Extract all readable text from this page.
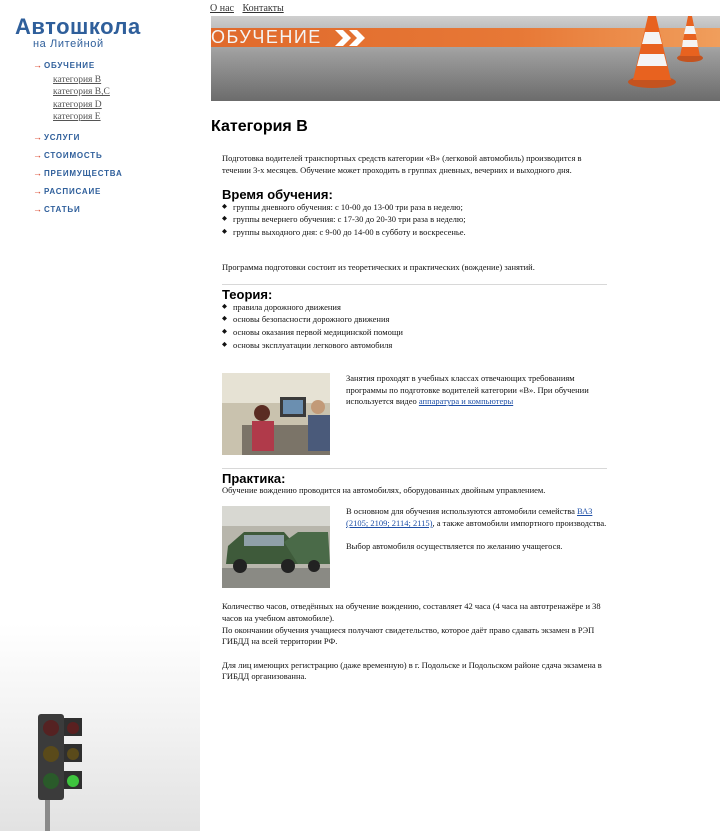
Автошкола
на Литейной
→ ОБУЧЕНИЕ
категория B
категория B,C
категория D
категория E
→ УСЛУГИ
→ СТОИМОСТЬ
→ ПРЕИМУЩЕСТВА
→ РАСПИСАИЕ
→ СТАТЬИ
О нас Контакты
ОБУЧЕНИЕ
Категория B

Подготовка водителей транспортных средств категории «B» (легковой автомобиль) производится в течении 3-х месяцев. Обучение может проходить в группах дневных, вечерних и выходного дня.

Время обучения:
◆ группы дневного обучения: с 10-00 до 13-00 три раза в неделю;
◆ группы вечернего обучения: с 17-30 до 20-30 три раза в неделю;
◆ группы выходного дня: с 9-00 до 14-00 в субботу и воскресенье.

Программа подготовки состоит из теоретических и практических (вождение) занятий.

Теория:
◆ правила дорожного движения
◆ основы безопасности дорожного движения
◆ основы оказания первой медицинской помощи
◆ основы эксплуатации легкового автомобиля

Занятия проходят в учебных классах отвечающих требованиям программы по подготовке водителей категории «B». При обучении используется видео аппаратура и компьютеры

Практика:

Обучение вождению проводится на автомобилях, оборудованных двойным управлением.

В основном для обучения используются автомобили семейства ВАЗ (2105; 2109; 2114; 2115), а также автомобили импортного производства.

Выбор автомобиля осуществляется по желанию учащегося.

Количество часов, отведённых на обучение вождению, составляет 42 часа (4 часа на автотренажёре и 38 часов на учебном автомобиле).

По окончании обучения учащиеся получают свидетельство, которое даёт право сдавать экзамен в РЭП ГИБДД на всей территории РФ.

Для лиц имеющих регистрацию (даже временную) в г. Подольске и Подольском районе сдача экзамена в ГИБДД организованна.
